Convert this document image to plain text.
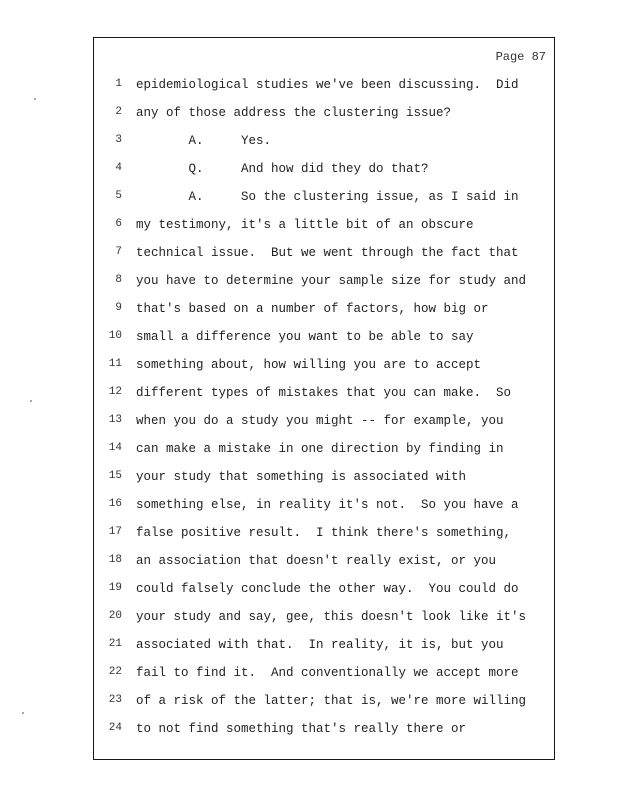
Page 87
1 epidemiological studies we've been discussing.  Did
2 any of those address the clustering issue?
3 A.     Yes.
4 Q.     And how did they do that?
5 A.     So the clustering issue, as I said in
6 my testimony, it's a little bit of an obscure
7 technical issue.  But we went through the fact that
8 you have to determine your sample size for study and
9 that's based on a number of factors, how big or
10 small a difference you want to be able to say
11 something about, how willing you are to accept
12 different types of mistakes that you can make.  So
13 when you do a study you might -- for example, you
14 can make a mistake in one direction by finding in
15 your study that something is associated with
16 something else, in reality it's not.  So you have a
17 false positive result.  I think there's something,
18 an association that doesn't really exist, or you
19 could falsely conclude the other way.  You could do
20 your study and say, gee, this doesn't look like it's
21 associated with that.  In reality, it is, but you
22 fail to find it.  And conventionally we accept more
23 of a risk of the latter; that is, we're more willing
24 to not find something that's really there or
